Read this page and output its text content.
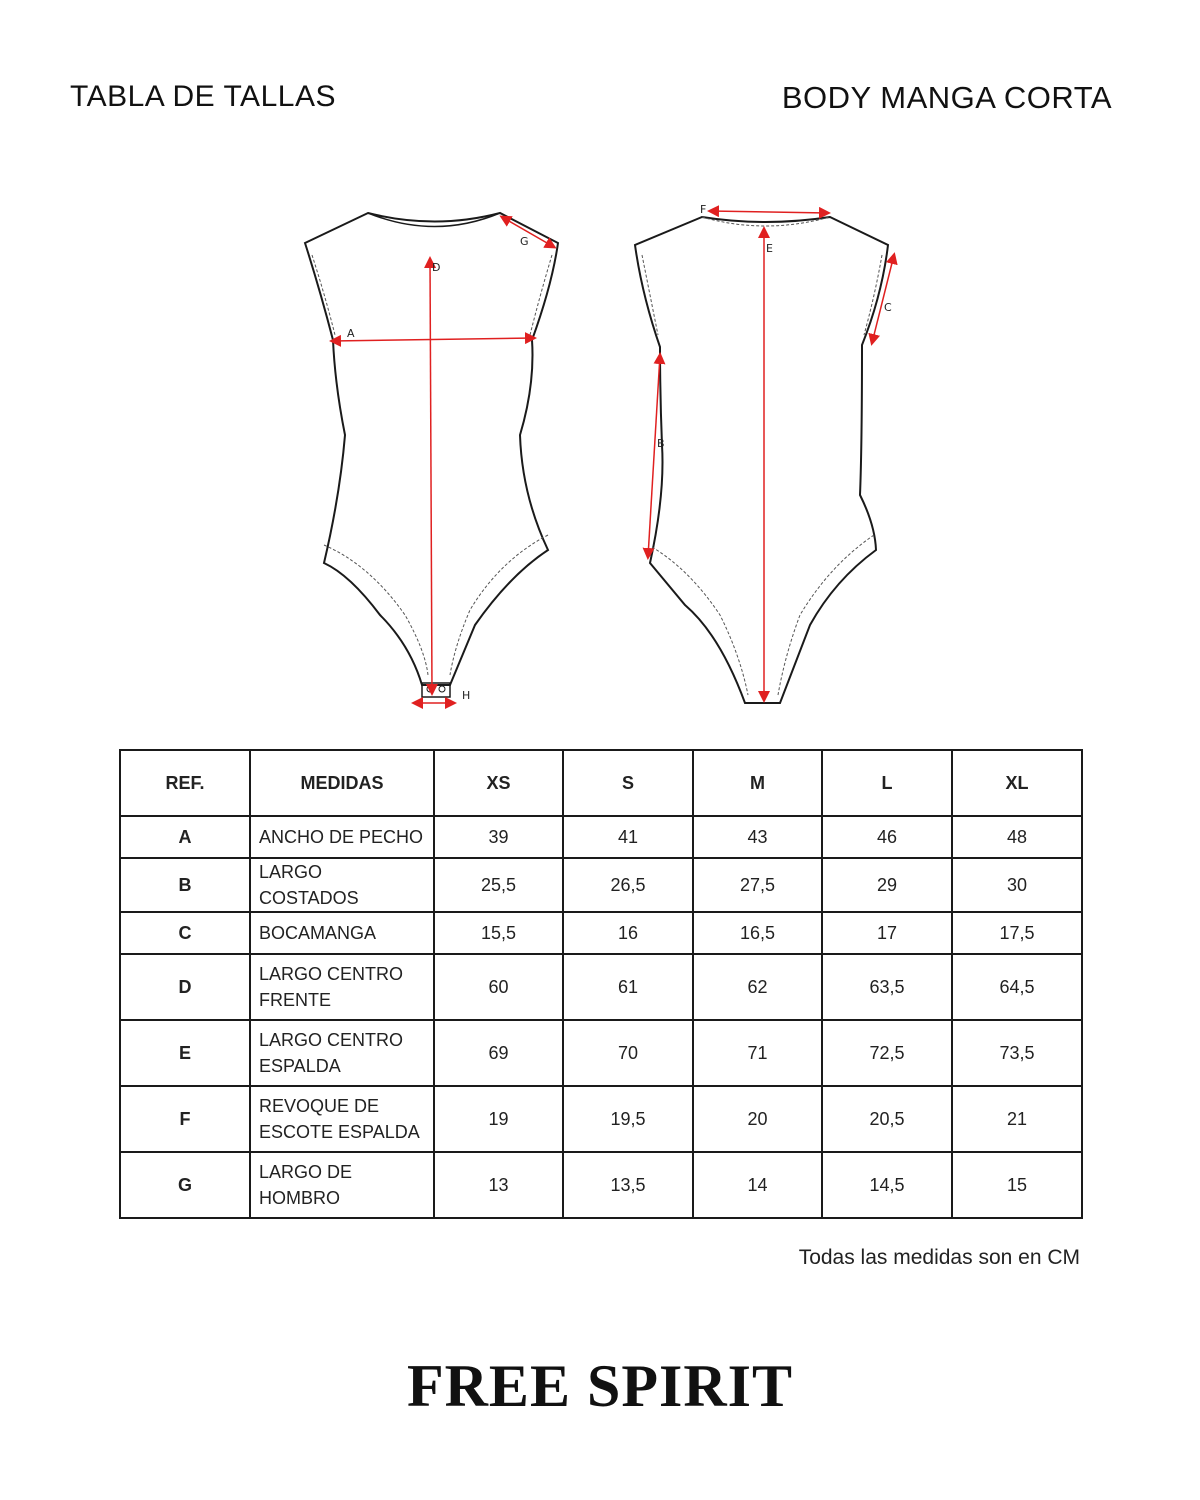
TABLA DE TALLAS	BODY MANGA CORTA
A
D
G
H
F
E
C
B
REF.	MEDIDAS	XS	S	M	L	XL
A	ANCHO DE PECHO	39	41	43	46	48
B	LARGO COSTADOS	25,5	26,5	27,5	29	30
C	BOCAMANGA	15,5	16	16,5	17	17,5
D	LARGO CENTRO FRENTE	60	61	62	63,5	64,5
E	LARGO CENTRO ESPALDA	69	70	71	72,5	73,5
F	REVOQUE DE ESCOTE ESPALDA	19	19,5	20	20,5	21
G	LARGO DE HOMBRO	13	13,5	14	14,5	15
Todas las medidas son en CM
FREE SPIRIT
